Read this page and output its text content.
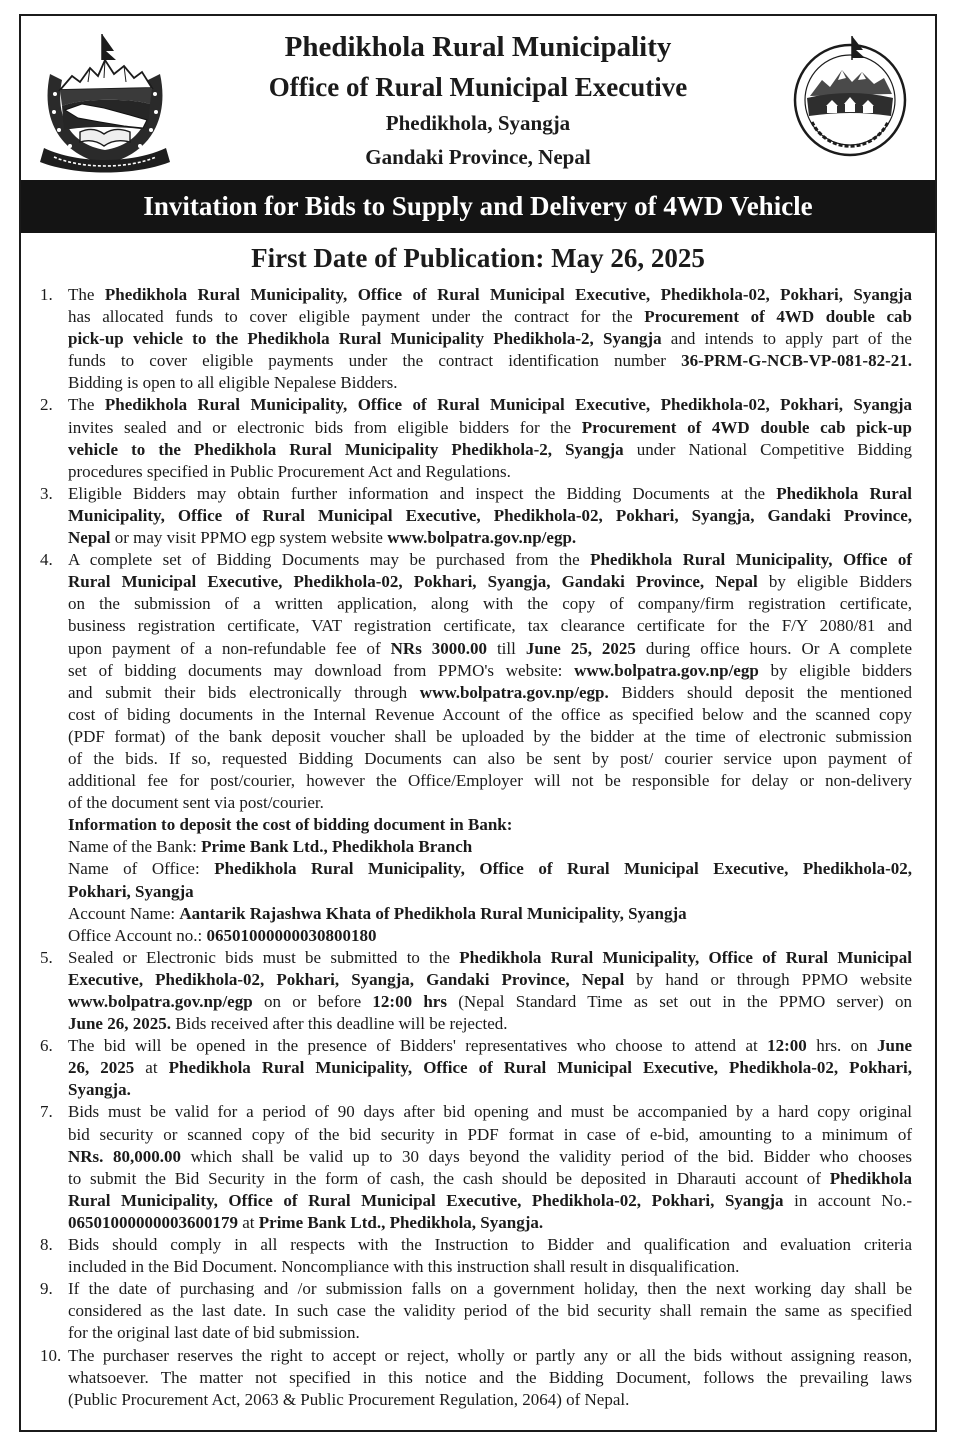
Phedikhola Rural Municipality
Office of Rural Municipal Executive
Phedikhola, Syangja
Gandaki Province, Nepal
Invitation for Bids to Supply and Delivery of 4WD Vehicle
First Date of Publication: May 26, 2025
1. The Phedikhola Rural Municipality, Office of Rural Municipal Executive, Phedikhola-02, Pokhari, Syangja
has allocated funds to cover eligible payment under the contract for the Procurement of 4WD double cab
pick-up vehicle to the Phedikhola Rural Municipality Phedikhola-2, Syangja and intends to apply part of the
funds to cover eligible payments under the contract identification number 36-PRM-G-NCB-VP-081-82-21.
Bidding is open to all eligible Nepalese Bidders.
2. The Phedikhola Rural Municipality, Office of Rural Municipal Executive, Phedikhola-02, Pokhari, Syangja
invites sealed and or electronic bids from eligible bidders for the Procurement of 4WD double cab pick-up
vehicle to the Phedikhola Rural Municipality Phedikhola-2, Syangja under National Competitive Bidding
procedures specified in Public Procurement Act and Regulations.
3. Eligible Bidders may obtain further information and inspect the Bidding Documents at the Phedikhola Rural
Municipality, Office of Rural Municipal Executive, Phedikhola-02, Pokhari, Syangja, Gandaki Province,
Nepal or may visit PPMO egp system website www.bolpatra.gov.np/egp.
4. A complete set of Bidding Documents may be purchased from the Phedikhola Rural Municipality, Office of
Rural Municipal Executive, Phedikhola-02, Pokhari, Syangja, Gandaki Province, Nepal by eligible Bidders
on the submission of a written application, along with the copy of company/firm registration certificate,
business registration certificate, VAT registration certificate, tax clearance certificate for the F/Y 2080/81 and
upon payment of a non-refundable fee of NRs 3000.00 till June 25, 2025 during office hours. Or A complete
set of bidding documents may download from PPMO's website: www.bolpatra.gov.np/egp by eligible bidders
and submit their bids electronically through www.bolpatra.gov.np/egp. Bidders should deposit the mentioned
cost of biding documents in the Internal Revenue Account of the office as specified below and the scanned copy
(PDF format) of the bank deposit voucher shall be uploaded by the bidder at the time of electronic submission
of the bids. If so, requested Bidding Documents can also be sent by post/ courier service upon payment of
additional fee for post/courier, however the Office/Employer will not be responsible for delay or non-delivery
of the document sent via post/courier.
Information to deposit the cost of bidding document in Bank:
Name of the Bank: Prime Bank Ltd., Phedikhola Branch
Name of Office: Phedikhola Rural Municipality, Office of Rural Municipal Executive, Phedikhola-02,
Pokhari, Syangja
Account Name: Aantarik Rajashwa Khata of Phedikhola Rural Municipality, Syangja
Office Account no.: 06501000000030800180
5. Sealed or Electronic bids must be submitted to the Phedikhola Rural Municipality, Office of Rural Municipal
Executive, Phedikhola-02, Pokhari, Syangja, Gandaki Province, Nepal by hand or through PPMO website
www.bolpatra.gov.np/egp on or before 12:00 hrs (Nepal Standard Time as set out in the PPMO server) on
June 26, 2025. Bids received after this deadline will be rejected.
6. The bid will be opened in the presence of Bidders' representatives who choose to attend at 12:00 hrs. on June
26, 2025 at Phedikhola Rural Municipality, Office of Rural Municipal Executive, Phedikhola-02, Pokhari,
Syangja.
7. Bids must be valid for a period of 90 days after bid opening and must be accompanied by a hard copy original
bid security or scanned copy of the bid security in PDF format in case of e-bid, amounting to a minimum of
NRs. 80,000.00 which shall be valid up to 30 days beyond the validity period of the bid. Bidder who chooses
to submit the Bid Security in the form of cash, the cash should be deposited in Dharauti account of Phedikhola
Rural Municipality, Office of Rural Municipal Executive, Phedikhola-02, Pokhari, Syangja in account No.-
06501000000003600179 at Prime Bank Ltd., Phedikhola, Syangja.
8. Bids should comply in all respects with the Instruction to Bidder and qualification and evaluation criteria
included in the Bid Document. Noncompliance with this instruction shall result in disqualification.
9. If the date of purchasing and /or submission falls on a government holiday, then the next working day shall be
considered as the last date. In such case the validity period of the bid security shall remain the same as specified
for the original last date of bid submission.
10. The purchaser reserves the right to accept or reject, wholly or partly any or all the bids without assigning reason,
whatsoever. The matter not specified in this notice and the Bidding Document, follows the prevailing laws
(Public Procurement Act, 2063 & Public Procurement Regulation, 2064) of Nepal.
